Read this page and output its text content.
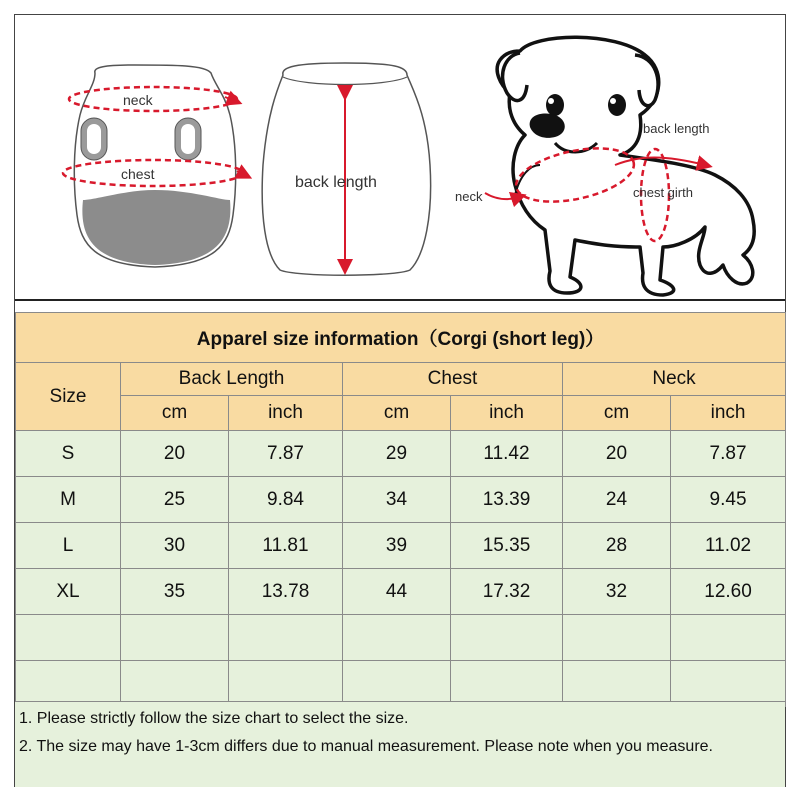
neck
chest	back length
back length
neck	chest girth
Apparel size information（Corgi (short leg)）						
Size	Back Length		Chest		Neck	
	cm	inch	cm	inch	cm	inch
S	20	7.87	29	11.42	20	7.87
M	25	9.84	34	13.39	24	9.45
L	30	11.81	39	15.35	28	11.02
XL	35	13.78	44	17.32	32	12.60

1. Please strictly follow the size chart to select the size.
2. The size may have 1-3cm differs due to manual measurement. Please note when you measure.
